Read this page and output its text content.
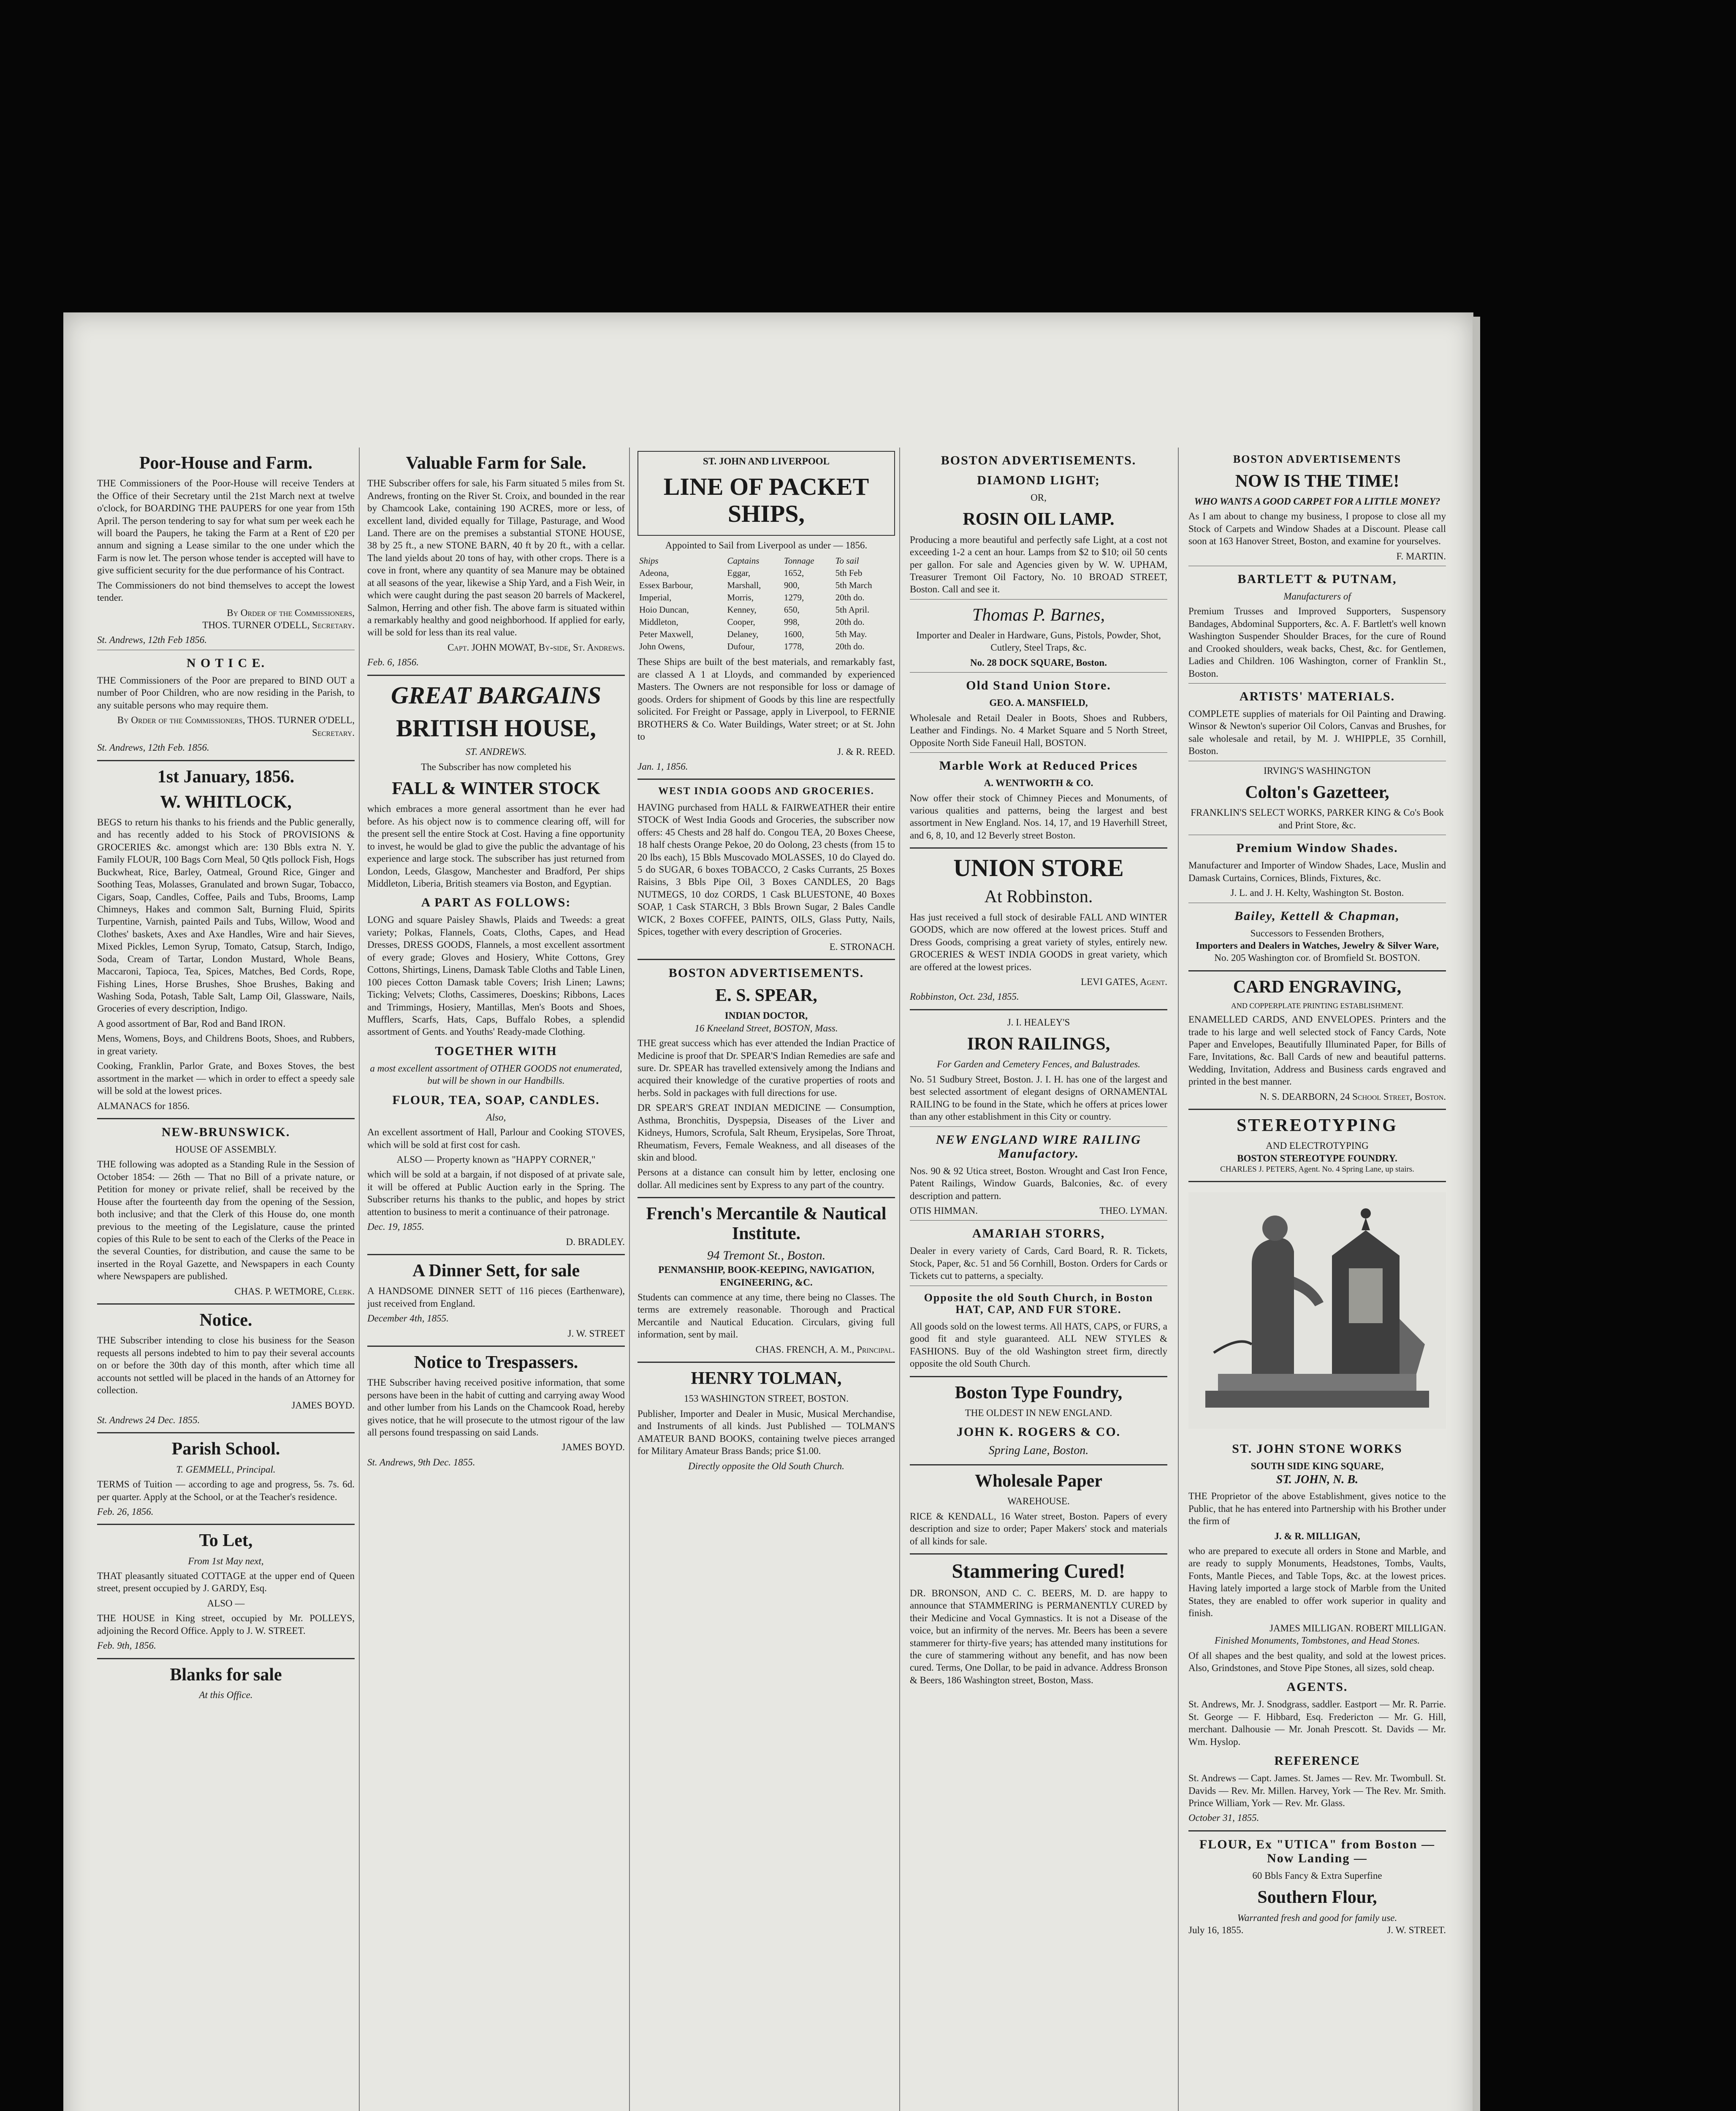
Poor-House and Farm.
THE Commissioners of the Poor-House will receive Tenders at the Office of their Secretary until the 21st March next at twelve o'clock, for BOARDING THE PAUPERS for one year from 15th April. The person tendering to say for what sum per week each he will board the Paupers, he taking the Farm at a Rent of £20 per annum and signing a Lease similar to the one under which the Farm is now let. The person whose tender is accepted will have to give sufficient security for the due performance of his Contract.
The Commissioners do not bind themselves to accept the lowest tender.
By Order of the Commissioners,
THOS. TURNER O'DELL, Secretary.
St. Andrews, 12th Feb 1856.
N O T I C E.
THE Commissioners of the Poor are prepared to BIND OUT a number of Poor Children, who are now residing in the Parish, to any suitable persons who may require them.
By Order of the Commissioners, THOS. TURNER O'DELL, Secretary.
St. Andrews, 12th Feb. 1856.
1st January, 1856.
W. WHITLOCK,
BEGS to return his thanks to his friends and the Public generally, and has recently added to his Stock of PROVISIONS & GROCERIES &c. amongst which are: 130 Bbls extra N. Y. Family FLOUR, 100 Bags Corn Meal, 50 Qtls pollock Fish, Hogs Buckwheat, Rice, Barley, Oatmeal, Ground Rice, Ginger and Soothing Teas, Molasses, Granulated and brown Sugar, Tobacco, Cigars, Soap, Candles, Coffee, Pails and Tubs, Brooms, Lamp Chimneys, Hakes and common Salt, Burning Fluid, Spirits Turpentine, Varnish, painted Pails and Tubs, Willow, Wood and Clothes' baskets, Axes and Axe Handles, Wire and hair Sieves, Mixed Pickles, Lemon Syrup, Tomato, Catsup, Starch, Indigo, Soda, Cream of Tartar, London Mustard, Whole Beans, Maccaroni, Tapioca, Tea, Spices, Matches, Bed Cords, Rope, Fishing Lines, Horse Brushes, Shoe Brushes, Baking and Washing Soda, Potash, Table Salt, Lamp Oil, Glassware, Nails, Groceries of every description, Indigo.
A good assortment of Bar, Rod and Band IRON.
Mens, Womens, Boys, and Childrens Boots, Shoes, and Rubbers, in great variety.
Cooking, Franklin, Parlor Grate, and Boxes Stoves, the best assortment in the market — which in order to effect a speedy sale will be sold at the lowest prices.
ALMANACS for 1856.
NEW-BRUNSWICK.
HOUSE OF ASSEMBLY.
THE following was adopted as a Standing Rule in the Session of October 1854: — 26th — That no Bill of a private nature, or Petition for money or private relief, shall be received by the House after the fourteenth day from the opening of the Session, both inclusive; and that the Clerk of this House do, one month previous to the meeting of the Legislature, cause the printed copies of this Rule to be sent to each of the Clerks of the Peace in the several Counties, for distribution, and cause the same to be inserted in the Royal Gazette, and Newspapers in each County where Newspapers are published.
CHAS. P. WETMORE, Clerk.
Notice.
THE Subscriber intending to close his business for the Season requests all persons indebted to him to pay their several accounts on or before the 30th day of this month, after which time all accounts not settled will be placed in the hands of an Attorney for collection.
JAMES BOYD.
St. Andrews 24 Dec. 1855.
Parish School.
T. GEMMELL, Principal.
TERMS of Tuition — according to age and progress, 5s. 7s. 6d. per quarter. Apply at the School, or at the Teacher's residence.
Feb. 26, 1856.
To Let,
From 1st May next,
THAT pleasantly situated COTTAGE at the upper end of Queen street, present occupied by J. GARDY, Esq.
ALSO —
THE HOUSE in King street, occupied by Mr. POLLEYS, adjoining the Record Office. Apply to J. W. STREET.
Feb. 9th, 1856.
Blanks for sale
At this Office.
Valuable Farm for Sale.
THE Subscriber offers for sale, his Farm situated 5 miles from St. Andrews, fronting on the River St. Croix, and bounded in the rear by Chamcook Lake, containing 190 ACRES, more or less, of excellent land, divided equally for Tillage, Pasturage, and Wood Land. There are on the premises a substantial STONE HOUSE, 38 by 25 ft., a new STONE BARN, 40 ft by 20 ft., with a cellar. The land yields about 20 tons of hay, with other crops. There is a cove in front, where any quantity of sea Manure may be obtained at all seasons of the year, likewise a Ship Yard, and a Fish Weir, in which were caught during the past season 20 barrels of Mackerel, Salmon, Herring and other fish. The above farm is situated within a remarkably healthy and good neighborhood. If applied for early, will be sold for less than its real value.
Capt. JOHN MOWAT, By-side, St. Andrews.
Feb. 6, 1856.
GREAT BARGAINS
BRITISH HOUSE,
ST. ANDREWS.
The Subscriber has now completed his
FALL & WINTER STOCK
which embraces a more general assortment than he ever had before. As his object now is to commence clearing off, will for the present sell the entire Stock at Cost. Having a fine opportunity to invest, he would be glad to give the public the advantage of his experience and large stock. The subscriber has just returned from London, Leeds, Glasgow, Manchester and Bradford, Per ships Middleton, Liberia, British steamers via Boston, and Egyptian.
A PART AS FOLLOWS:
LONG and square Paisley Shawls, Plaids and Tweeds: a great variety; Polkas, Flannels, Coats, Cloths, Capes, and Head Dresses, DRESS GOODS, Flannels, a most excellent assortment of every grade; Gloves and Hosiery, White Cottons, Grey Cottons, Shirtings, Linens, Damask Table Cloths and Table Linen, 100 pieces Cotton Damask table Covers; Irish Linen; Lawns; Ticking; Velvets; Cloths, Cassimeres, Doeskins; Ribbons, Laces and Trimmings, Hosiery, Mantillas, Men's Boots and Shoes, Mufflers, Scarfs, Hats, Caps, Buffalo Robes, a splendid assortment of Gents. and Youths' Ready-made Clothing.
TOGETHER WITH
a most excellent assortment of OTHER GOODS not enumerated, but will be shown in our Handbills.
FLOUR, TEA, SOAP, CANDLES.
Also,
An excellent assortment of Hall, Parlour and Cooking STOVES, which will be sold at first cost for cash.
ALSO — Property known as "HAPPY CORNER,"
which will be sold at a bargain, if not disposed of at private sale, it will be offered at Public Auction early in the Spring. The Subscriber returns his thanks to the public, and hopes by strict attention to business to merit a continuance of their patronage.
Dec. 19, 1855.
D. BRADLEY.
A Dinner Sett, for sale
A HANDSOME DINNER SETT of 116 pieces (Earthenware), just received from England.
December 4th, 1855.
J. W. STREET
Notice to Trespassers.
THE Subscriber having received positive information, that some persons have been in the habit of cutting and carrying away Wood and other lumber from his Lands on the Chamcook Road, hereby gives notice, that he will prosecute to the utmost rigour of the law all persons found trespassing on said Lands.
JAMES BOYD.
St. Andrews, 9th Dec. 1855.
ST. JOHN AND LIVERPOOL
LINE OF PACKET SHIPS,
Appointed to Sail from Liverpool as under — 1856.
Ships	Captains	Tonnage	To sail
Adeona,	Eggar,	1652,	5th Feb
Essex Barbour,	Marshall,	900,	5th March
Imperial,	Morris,	1279,	20th do.
Hoio Duncan,	Kenney,	650,	5th April.
Middleton,	Cooper,	998,	20th do.
Peter Maxwell,	Delaney,	1600,	5th May.
John Owens,	Dufour,	1778,	20th do.
These Ships are built of the best materials, and remarkably fast, are classed A 1 at Lloyds, and commanded by experienced Masters. The Owners are not responsible for loss or damage of goods. Orders for shipment of Goods by this line are respectfully solicited. For Freight or Passage, apply in Liverpool, to FERNIE BROTHERS & Co. Water Buildings, Water street; or at St. John to
J. & R. REED.
Jan. 1, 1856.
WEST INDIA GOODS AND GROCERIES.
HAVING purchased from HALL & FAIRWEATHER their entire STOCK of West India Goods and Groceries, the subscriber now offers: 45 Chests and 28 half do. Congou TEA, 20 Boxes Cheese, 18 half chests Orange Pekoe, 20 do Oolong, 23 chests (from 15 to 20 lbs each), 15 Bbls Muscovado MOLASSES, 10 do Clayed do. 5 do SUGAR, 6 boxes TOBACCO, 2 Casks Currants, 25 Boxes Raisins, 3 Bbls Pipe Oil, 3 Boxes CANDLES, 20 Bags NUTMEGS, 10 doz CORDS, 1 Cask BLUESTONE, 40 Boxes SOAP, 1 Cask STARCH, 3 Bbls Brown Sugar, 2 Bales Candle WICK, 2 Boxes COFFEE, PAINTS, OILS, Glass Putty, Nails, Spices, together with every description of Groceries.
E. STRONACH.
BOSTON ADVERTISEMENTS.
E. S. SPEAR,
INDIAN DOCTOR,
16 Kneeland Street, BOSTON, Mass.
THE great success which has ever attended the Indian Practice of Medicine is proof that Dr. SPEAR'S Indian Remedies are safe and sure. Dr. SPEAR has travelled extensively among the Indians and acquired their knowledge of the curative properties of roots and herbs. Sold in packages with full directions for use.
DR SPEAR'S GREAT INDIAN MEDICINE — Consumption, Asthma, Bronchitis, Dyspepsia, Diseases of the Liver and Kidneys, Humors, Scrofula, Salt Rheum, Erysipelas, Sore Throat, Rheumatism, Fevers, Female Weakness, and all diseases of the skin and blood.
Persons at a distance can consult him by letter, enclosing one dollar. All medicines sent by Express to any part of the country.
French's Mercantile & Nautical Institute.
94 Tremont St., Boston.
PENMANSHIP, BOOK-KEEPING, NAVIGATION, ENGINEERING, &C.
Students can commence at any time, there being no Classes. The terms are extremely reasonable. Thorough and Practical Mercantile and Nautical Education. Circulars, giving full information, sent by mail.
CHAS. FRENCH, A. M., Principal.
HENRY TOLMAN,
153 WASHINGTON STREET, BOSTON.
Publisher, Importer and Dealer in Music, Musical Merchandise, and Instruments of all kinds. Just Published — TOLMAN'S AMATEUR BAND BOOKS, containing twelve pieces arranged for Military Amateur Brass Bands; price $1.00.
Directly opposite the Old South Church.
BOSTON ADVERTISEMENTS.
DIAMOND LIGHT;
OR,
ROSIN OIL LAMP.
Producing a more beautiful and perfectly safe Light, at a cost not exceeding 1-2 a cent an hour. Lamps from $2 to $10; oil 50 cents per gallon. For sale and Agencies given by W. W. UPHAM, Treasurer Tremont Oil Factory, No. 10 BROAD STREET, Boston. Call and see it.
Thomas P. Barnes,
Importer and Dealer in Hardware, Guns, Pistols, Powder, Shot, Cutlery, Steel Traps, &c.
No. 28 DOCK SQUARE, Boston.
Old Stand Union Store.
GEO. A. MANSFIELD,
Wholesale and Retail Dealer in Boots, Shoes and Rubbers, Leather and Findings. No. 4 Market Square and 5 North Street, Opposite North Side Faneuil Hall, BOSTON.
Marble Work at Reduced Prices
A. WENTWORTH & CO.
Now offer their stock of Chimney Pieces and Monuments, of various qualities and patterns, being the largest and best assortment in New England. Nos. 14, 17, and 19 Haverhill Street, and 6, 8, 10, and 12 Beverly street Boston.
UNION STORE
At Robbinston.
Has just received a full stock of desirable FALL AND WINTER GOODS, which are now offered at the lowest prices. Stuff and Dress Goods, comprising a great variety of styles, entirely new. GROCERIES & WEST INDIA GOODS in great variety, which are offered at the lowest prices.
LEVI GATES, Agent.
Robbinston, Oct. 23d, 1855.
J. I. HEALEY'S
IRON RAILINGS,
For Garden and Cemetery Fences, and Balustrades.
No. 51 Sudbury Street, Boston. J. I. H. has one of the largest and best selected assortment of elegant designs of ORNAMENTAL RAILING to be found in the State, which he offers at prices lower than any other establishment in this City or country.
NEW ENGLAND WIRE RAILING Manufactory.
Nos. 90 & 92 Utica street, Boston. Wrought and Cast Iron Fence, Patent Railings, Window Guards, Balconies, &c. of every description and pattern.
OTIS HIMMAN.	THEO. LYMAN.
AMARIAH STORRS,
Dealer in every variety of Cards, Card Board, R. R. Tickets, Stock, Paper, &c. 51 and 56 Cornhill, Boston. Orders for Cards or Tickets cut to patterns, a specialty.
Opposite the old South Church, in Boston HAT, CAP, AND FUR STORE.
All goods sold on the lowest terms. All HATS, CAPS, or FURS, a good fit and style guaranteed. ALL NEW STYLES & FASHIONS. Buy of the old Washington street firm, directly opposite the old South Church.
Boston Type Foundry,
THE OLDEST IN NEW ENGLAND.
JOHN K. ROGERS & CO.
Spring Lane, Boston.
Wholesale Paper
WAREHOUSE.
RICE & KENDALL, 16 Water street, Boston. Papers of every description and size to order; Paper Makers' stock and materials of all kinds for sale.
Stammering Cured!
DR. BRONSON, AND C. C. BEERS, M. D. are happy to announce that STAMMERING is PERMANENTLY CURED by their Medicine and Vocal Gymnastics. It is not a Disease of the voice, but an infirmity of the nerves. Mr. Beers has been a severe stammerer for thirty-five years; has attended many institutions for the cure of stammering without any benefit, and has now been cured. Terms, One Dollar, to be paid in advance. Address Bronson & Beers, 186 Washington street, Boston, Mass.
BOSTON ADVERTISEMENTS
NOW IS THE TIME!
WHO WANTS A GOOD CARPET FOR A LITTLE MONEY?
As I am about to change my business, I propose to close all my Stock of Carpets and Window Shades at a Discount. Please call soon at 163 Hanover Street, Boston, and examine for yourselves.
F. MARTIN.
BARTLETT & PUTNAM,
Manufacturers of
Premium Trusses and Improved Supporters, Suspensory Bandages, Abdominal Supporters, &c. A. F. Bartlett's well known Washington Suspender Shoulder Braces, for the cure of Round and Crooked shoulders, weak backs, Chest, &c. for Gentlemen, Ladies and Children. 106 Washington, corner of Franklin St., Boston.
ARTISTS' MATERIALS.
COMPLETE supplies of materials for Oil Painting and Drawing. Winsor & Newton's superior Oil Colors, Canvas and Brushes, for sale wholesale and retail, by M. J. WHIPPLE, 35 Cornhill, Boston.
IRVING'S WASHINGTON
Colton's Gazetteer,
FRANKLIN'S SELECT WORKS, PARKER KING & Co's Book and Print Store, &c.
Premium Window Shades.
Manufacturer and Importer of Window Shades, Lace, Muslin and Damask Curtains, Cornices, Blinds, Fixtures, &c.
J. L. and J. H. Kelty, Washington St. Boston.
Bailey, Kettell & Chapman,
Successors to Fessenden Brothers,
Importers and Dealers in Watches, Jewelry & Silver Ware,
No. 205 Washington cor. of Bromfield St. BOSTON.
CARD ENGRAVING,
AND COPPERPLATE PRINTING ESTABLISHMENT.
ENAMELLED CARDS, AND ENVELOPES. Printers and the trade to his large and well selected stock of Fancy Cards, Note Paper and Envelopes, Beautifully Illuminated Paper, for Bills of Fare, Invitations, &c. Ball Cards of new and beautiful patterns. Wedding, Invitation, Address and Business cards engraved and printed in the best manner.
N. S. DEARBORN, 24 School Street, Boston.
STEREOTYPING
AND ELECTROTYPING
BOSTON STEREOTYPE FOUNDRY.
CHARLES J. PETERS, Agent. No. 4 Spring Lane, up stairs.
ST. JOHN STONE WORKS
SOUTH SIDE KING SQUARE,
ST. JOHN, N. B.
THE Proprietor of the above Establishment, gives notice to the Public, that he has entered into Partnership with his Brother under the firm of
J. & R. MILLIGAN,
who are prepared to execute all orders in Stone and Marble, and are ready to supply Monuments, Headstones, Tombs, Vaults, Fonts, Mantle Pieces, and Table Tops, &c. at the lowest prices. Having lately imported a large stock of Marble from the United States, they are enabled to offer work superior in quality and finish.
JAMES MILLIGAN. ROBERT MILLIGAN.
Finished Monuments, Tombstones, and Head Stones.
Of all shapes and the best quality, and sold at the lowest prices. Also, Grindstones, and Stove Pipe Stones, all sizes, sold cheap.
AGENTS.
St. Andrews, Mr. J. Snodgrass, saddler. Eastport — Mr. R. Parrie. St. George — F. Hibbard, Esq. Fredericton — Mr. G. Hill, merchant. Dalhousie — Mr. Jonah Prescott. St. Davids — Mr. Wm. Hyslop.
REFERENCE
St. Andrews — Capt. James. St. James — Rev. Mr. Twombull. St. Davids — Rev. Mr. Millen. Harvey, York — The Rev. Mr. Smith. Prince William, York — Rev. Mr. Glass.
October 31, 1855.
FLOUR, Ex "UTICA" from Boston — Now Landing —
60 Bbls Fancy & Extra Superfine
Southern Flour,
Warranted fresh and good for family use.
July 16, 1855.	J. W. STREET.
